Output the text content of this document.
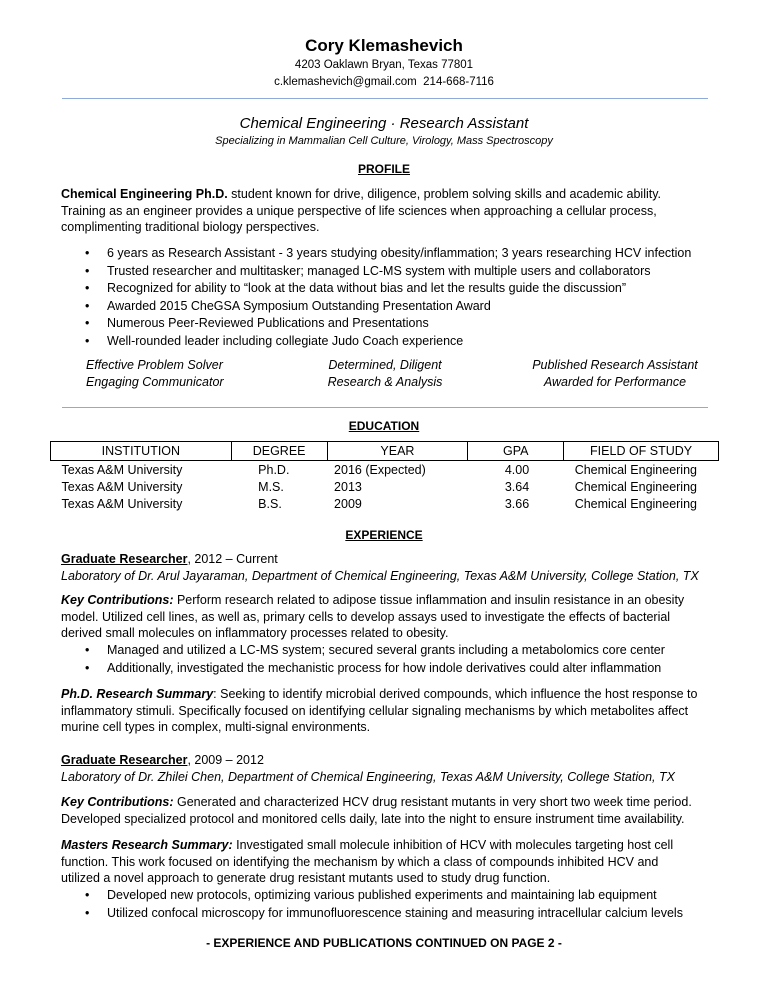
Cory Klemashevich
4203 Oaklawn Bryan, Texas 77801
c.klemashevich@gmail.com 214-668-7116
Chemical Engineering · Research Assistant
Specializing in Mammalian Cell Culture, Virology, Mass Spectroscopy
PROFILE
Chemical Engineering Ph.D. student known for drive, diligence, problem solving skills and academic ability.
Training as an engineer provides a unique perspective of life sciences when approaching a cellular process,
complimenting traditional biology perspectives.
• 6 years as Research Assistant - 3 years studying obesity/inflammation; 3 years researching HCV infection
• Trusted researcher and multitasker; managed LC-MS system with multiple users and collaborators
• Recognized for ability to “look at the data without bias and let the results guide the discussion”
• Awarded 2015 CheGSA Symposium Outstanding Presentation Award
• Numerous Peer-Reviewed Publications and Presentations
• Well-rounded leader including collegiate Judo Coach experience
Effective Problem Solver
Engaging Communicator
Determined, Diligent
Research & Analysis
Published Research Assistant
Awarded for Performance
EDUCATION
INSTITUTION	DEGREE	YEAR	GPA	FIELD OF STUDY
Texas A&M University	Ph.D.	2016 (Expected)	4.00	Chemical Engineering
Texas A&M University	M.S.	2013	3.64	Chemical Engineering
Texas A&M University	B.S.	2009	3.66	Chemical Engineering
EXPERIENCE
Graduate Researcher, 2012 – Current
Laboratory of Dr. Arul Jayaraman, Department of Chemical Engineering, Texas A&M University, College Station, TX
Key Contributions: Perform research related to adipose tissue inflammation and insulin resistance in an obesity
model. Utilized cell lines, as well as, primary cells to develop assays used to investigate the effects of bacterial
derived small molecules on inflammatory processes related to obesity.
• Managed and utilized a LC-MS system; secured several grants including a metabolomics core center
• Additionally, investigated the mechanistic process for how indole derivatives could alter inflammation
Ph.D. Research Summary: Seeking to identify microbial derived compounds, which influence the host response to
inflammatory stimuli. Specifically focused on identifying cellular signaling mechanisms by which metabolites affect
murine cell types in complex, multi-signal environments.
Graduate Researcher, 2009 – 2012
Laboratory of Dr. Zhilei Chen, Department of Chemical Engineering, Texas A&M University, College Station, TX
Key Contributions: Generated and characterized HCV drug resistant mutants in very short two week time period.
Developed specialized protocol and monitored cells daily, late into the night to ensure instrument time availability.
Masters Research Summary: Investigated small molecule inhibition of HCV with molecules targeting host cell
function. This work focused on identifying the mechanism by which a class of compounds inhibited HCV and
utilized a novel approach to generate drug resistant mutants used to study drug function.
• Developed new protocols, optimizing various published experiments and maintaining lab equipment
• Utilized confocal microscopy for immunofluorescence staining and measuring intracellular calcium levels
- EXPERIENCE AND PUBLICATIONS CONTINUED ON PAGE 2 -
